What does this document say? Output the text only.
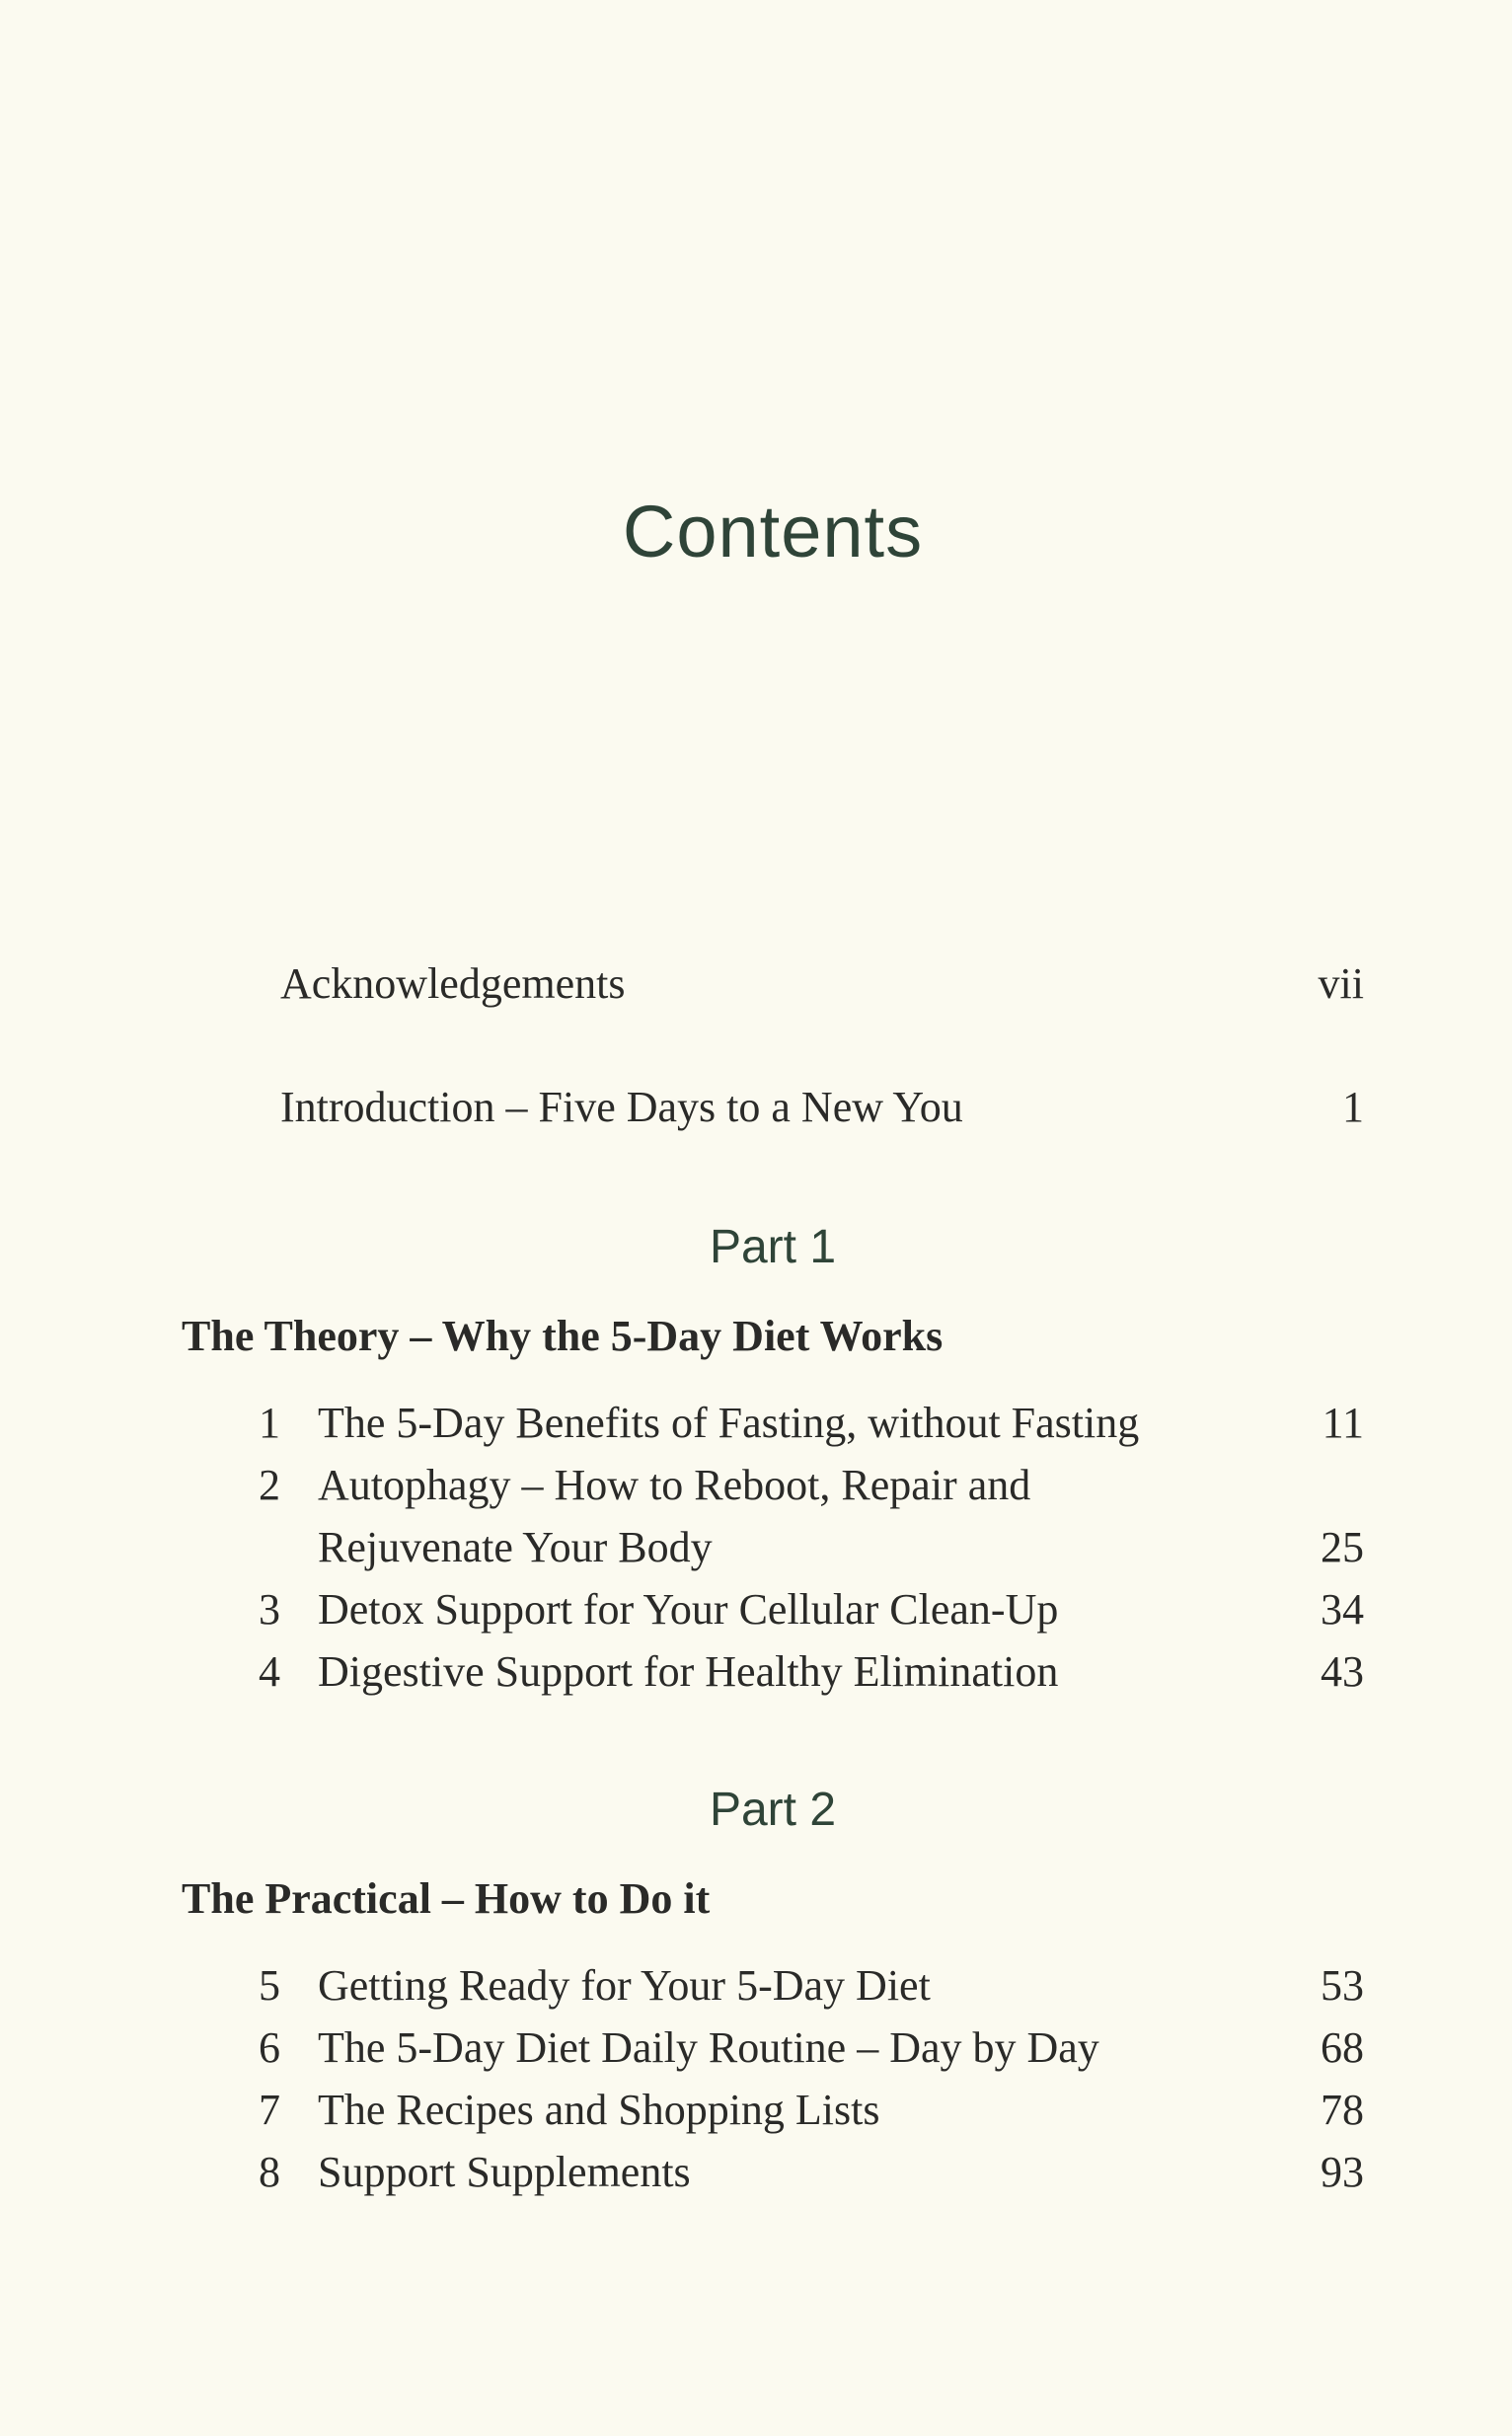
Contents
Acknowledgements	vii
Introduction – Five Days to a New You	1
Part 1
The Theory – Why the 5-Day Diet Works
1 The 5-Day Benefits of Fasting, without Fasting	11
2 Autophagy – How to Reboot, Repair and Rejuvenate Your Body	25
3 Detox Support for Your Cellular Clean-Up	34
4 Digestive Support for Healthy Elimination	43
Part 2
The Practical – How to Do it
5 Getting Ready for Your 5-Day Diet	53
6 The 5-Day Diet Daily Routine – Day by Day	68
7 The Recipes and Shopping Lists	78
8 Support Supplements	93
